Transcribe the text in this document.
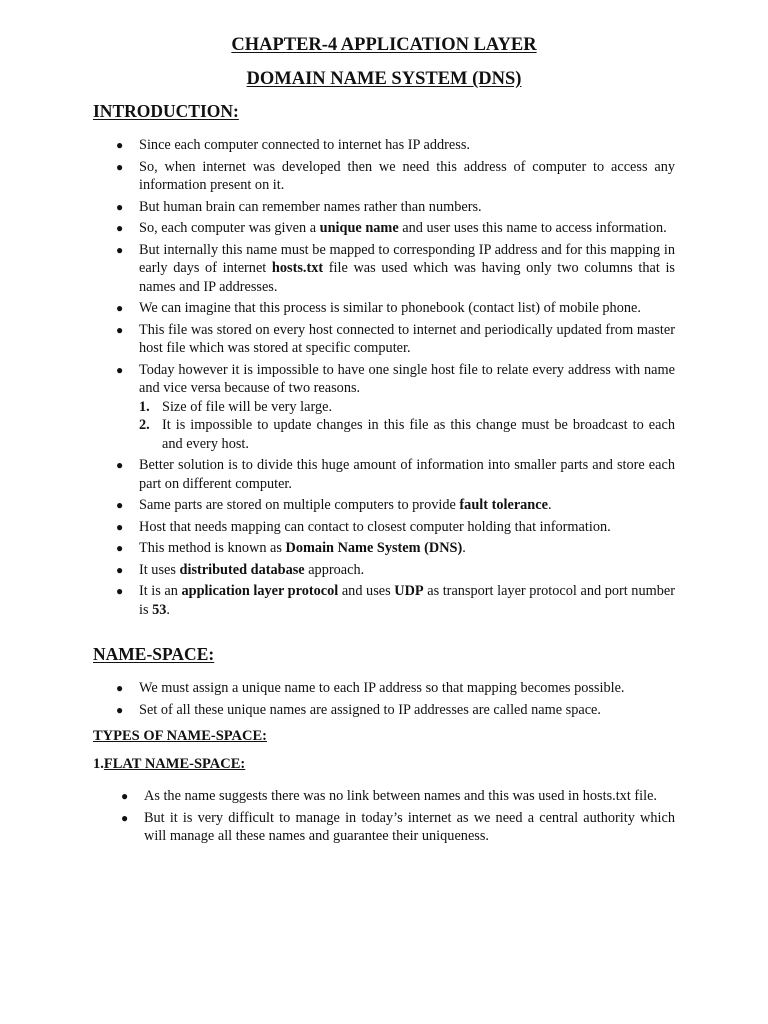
CHAPTER-4 APPLICATION LAYER
DOMAIN NAME SYSTEM (DNS)
INTRODUCTION:
● Since each computer connected to internet has IP address.
● So, when internet was developed then we need this address of computer to access any information present on it.
● But human brain can remember names rather than numbers.
● So, each computer was given a unique name and user uses this name to access information.
● But internally this name must be mapped to corresponding IP address and for this mapping in early days of internet hosts.txt file was used which was having only two columns that is names and IP addresses.
● We can imagine that this process is similar to phonebook (contact list) of mobile phone.
● This file was stored on every host connected to internet and periodically updated from master host file which was stored at specific computer.
● Today however it is impossible to have one single host file to relate every address with name and vice versa because of two reasons.
1. Size of file will be very large.
2. It is impossible to update changes in this file as this change must be broadcast to each and every host.
● Better solution is to divide this huge amount of information into smaller parts and store each part on different computer.
● Same parts are stored on multiple computers to provide fault tolerance.
● Host that needs mapping can contact to closest computer holding that information.
● This method is known as Domain Name System (DNS).
● It uses distributed database approach.
● It is an application layer protocol and uses UDP as transport layer protocol and port number is 53.
NAME-SPACE:
● We must assign a unique name to each IP address so that mapping becomes possible.
● Set of all these unique names are assigned to IP addresses are called name space.
TYPES OF NAME-SPACE:
1.FLAT NAME-SPACE:
● As the name suggests there was no link between names and this was used in hosts.txt file.
● But it is very difficult to manage in today’s internet as we need a central authority which will manage all these names and guarantee their uniqueness.
